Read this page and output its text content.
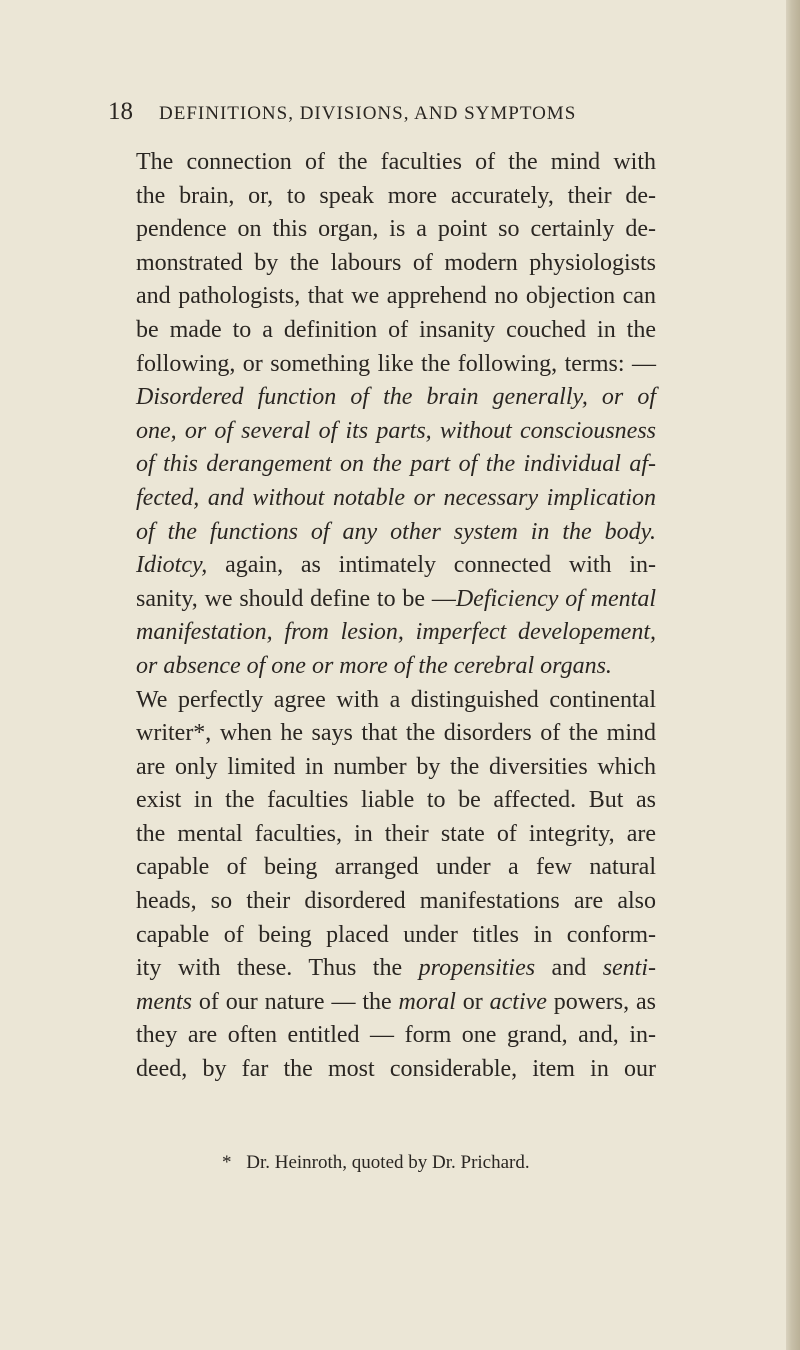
18 DEFINITIONS, DIVISIONS, AND SYMPTOMS
The connection of the faculties of the mind with
the brain, or, to speak more accurately, their de-
pendence on this organ, is a point so certainly de-
monstrated by the labours of modern physiologists
and pathologists, that we apprehend no objection can
be made to a definition of insanity couched in the
following, or something like the following, terms: —
Disordered function of the brain generally, or of
one, or of several of its parts, without consciousness
of this derangement on the part of the individual af-
fected, and without notable or necessary implication
of the functions of any other system in the body.
Idiotcy, again, as intimately connected with in-
sanity, we should define to be —Deficiency of mental
manifestation, from lesion, imperfect developement,
or absence of one or more of the cerebral organs.
We perfectly agree with a distinguished continental
writer*, when he says that the disorders of the mind
are only limited in number by the diversities which
exist in the faculties liable to be affected. But as
the mental faculties, in their state of integrity, are
capable of being arranged under a few natural
heads, so their disordered manifestations are also
capable of being placed under titles in conform-
ity with these. Thus the propensities and senti-
ments of our nature — the moral or active powers, as
they are often entitled — form one grand, and, in-
deed, by far the most considerable, item in our
* Dr. Heinroth, quoted by Dr. Prichard.
